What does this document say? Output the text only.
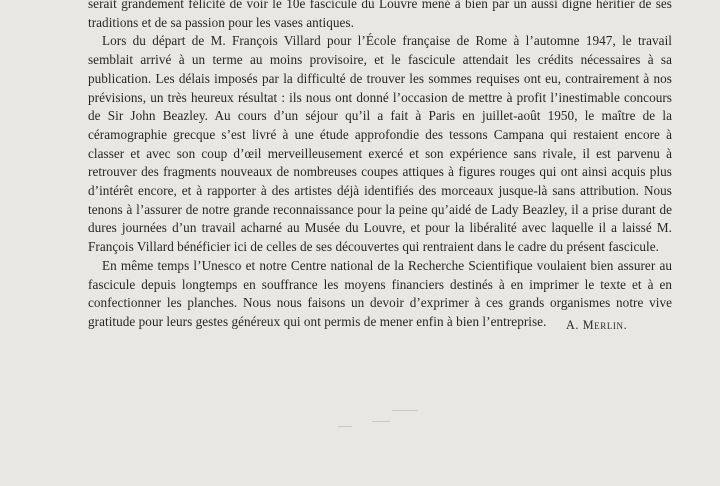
serait grandement félicité de voir le 10e fascicule du Louvre mené à bien par un aussi digne héritier de ses traditions et de sa passion pour les vases antiques.

Lors du départ de M. François Villard pour l’École française de Rome à l’automne 1947, le travail semblait arrivé à un terme au moins provisoire, et le fascicule attendait les crédits nécessaires à sa publication. Les délais imposés par la difficulté de trouver les sommes requises ont eu, contrairement à nos prévisions, un très heureux résultat : ils nous ont donné l’occasion de mettre à profit l’inestimable concours de Sir John Beazley. Au cours d’un séjour qu’il a fait à Paris en juillet-août 1950, le maître de la céramographie grecque s’est livré à une étude approfondie des tessons Campana qui restaient encore à classer et avec son coup d’œil merveilleusement exercé et son expérience sans rivale, il est parvenu à retrouver des fragments nouveaux de nombreuses coupes attiques à figures rouges qui ont ainsi acquis plus d’intérêt encore, et à rapporter à des artistes déjà identifiés des morceaux jusque-là sans attribution. Nous tenons à l’assurer de notre grande reconnaissance pour la peine qu’aidé de Lady Beazley, il a prise durant de dures journées d’un travail acharné au Musée du Louvre, et pour la libéralité avec laquelle il a laissé M. François Villard bénéficier ici de celles de ses découvertes qui rentraient dans le cadre du présent fascicule.

En même temps l’Unesco et notre Centre national de la Recherche Scientifique voulaient bien assurer au fascicule depuis longtemps en souffrance les moyens financiers destinés à en imprimer le texte et à en confectionner les planches. Nous nous faisons un devoir d’exprimer à ces grands organismes notre vive gratitude pour leurs gestes généreux qui ont permis de mener enfin à bien l’entreprise.	A. Merlin.
